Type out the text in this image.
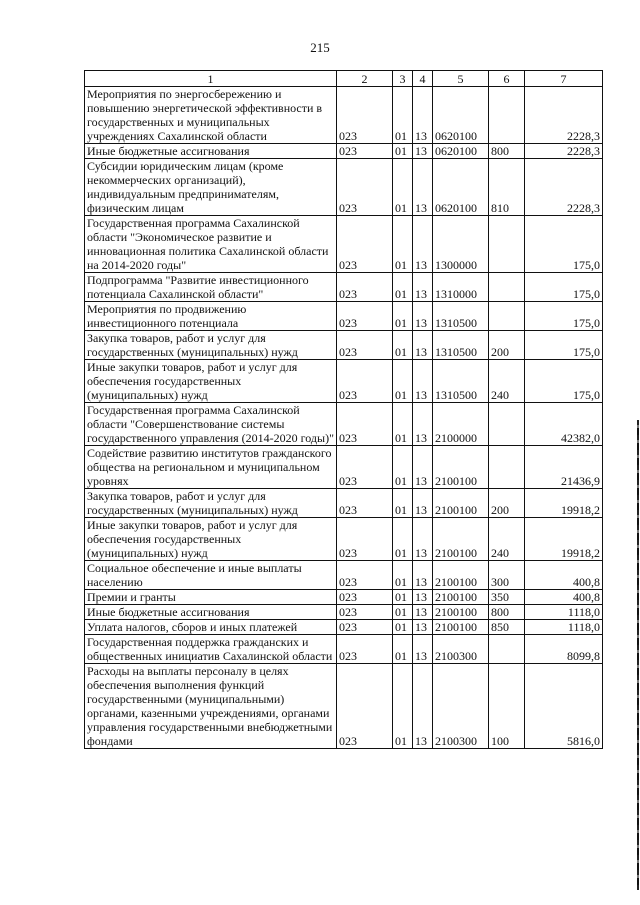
215
1	2	3	4	5	6	7
Мероприятия по энергосбережению и повышению энергетической эффективности в государственных и муниципальных учреждениях Сахалинской области	023	01	13	0620100		2228,3
Иные бюджетные ассигнования	023	01	13	0620100	800	2228,3
Субсидии юридическим лицам (кроме некоммерческих организаций), индивидуальным предпринимателям, физическим лицам	023	01	13	0620100	810	2228,3
Государственная программа Сахалинской области "Экономическое развитие и инновационная политика Сахалинской области на 2014-2020 годы"	023	01	13	1300000		175,0
Подпрограмма "Развитие инвестиционного потенциала Сахалинской области"	023	01	13	1310000		175,0
Мероприятия по продвижению инвестиционного потенциала	023	01	13	1310500		175,0
Закупка товаров, работ и услуг для государственных (муниципальных) нужд	023	01	13	1310500	200	175,0
Иные закупки товаров, работ и услуг для обеспечения государственных (муниципальных) нужд	023	01	13	1310500	240	175,0
Государственная программа Сахалинской области "Совершенствование системы государственного управления (2014-2020 годы)"	023	01	13	2100000		42382,0
Содействие развитию институтов гражданского общества на региональном и муниципальном уровнях	023	01	13	2100100		21436,9
Закупка товаров, работ и услуг для государственных (муниципальных) нужд	023	01	13	2100100	200	19918,2
Иные закупки товаров, работ и услуг для обеспечения государственных (муниципальных) нужд	023	01	13	2100100	240	19918,2
Социальное обеспечение и иные выплаты населению	023	01	13	2100100	300	400,8
Премии и гранты	023	01	13	2100100	350	400,8
Иные бюджетные ассигнования	023	01	13	2100100	800	1118,0
Уплата налогов, сборов и иных платежей	023	01	13	2100100	850	1118,0
Государственная поддержка гражданских и общественных инициатив Сахалинской области	023	01	13	2100300		8099,8
Расходы на выплаты персоналу в целях обеспечения выполнения функций государственными (муниципальными) органами, казенными учреждениями, органами управления государственными внебюджетными фондами	023	01	13	2100300	100	5816,0
